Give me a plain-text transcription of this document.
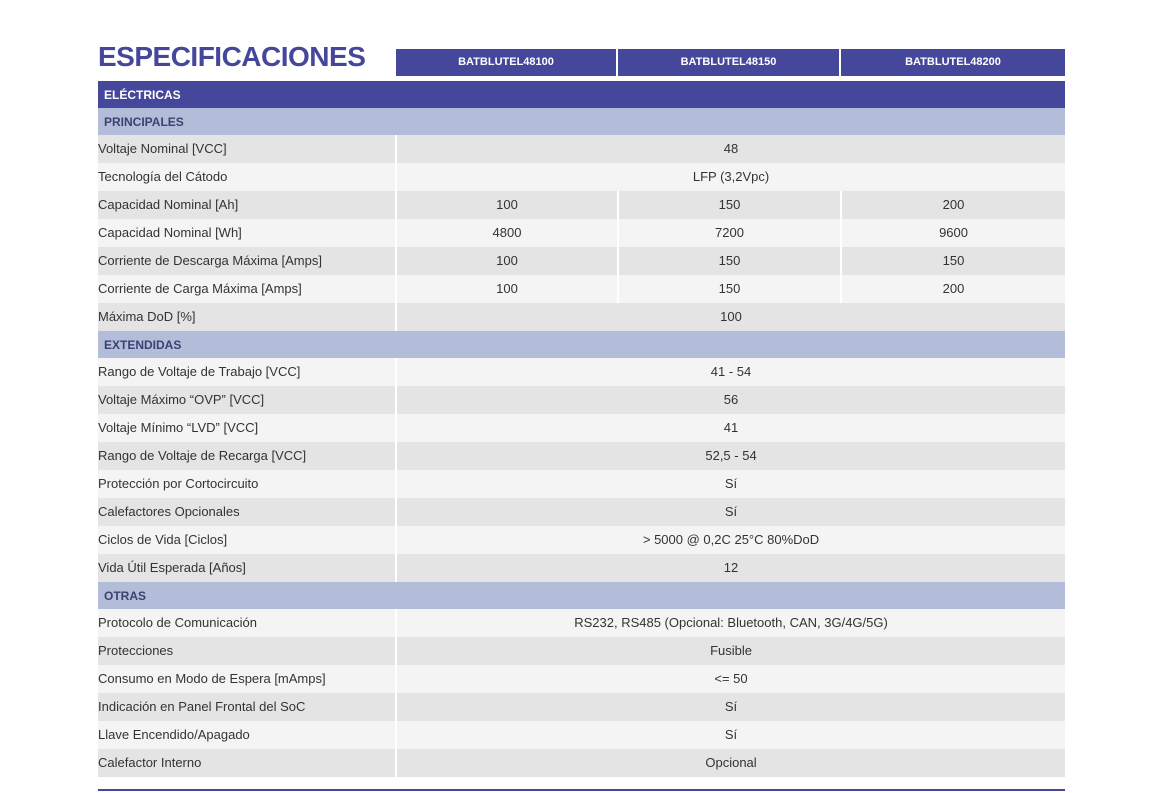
ESPECIFICACIONES	BATBLUTEL48100	BATBLUTEL48150	BATBLUTEL48200
ELÉCTRICAS			
PRINCIPALES			
Voltaje Nominal [VCC]	48		
Tecnología del Cátodo	LFP (3,2Vpc)		
Capacidad Nominal [Ah]	100	150	200
Capacidad Nominal [Wh]	4800	7200	9600
Corriente de Descarga Máxima [Amps]	100	150	150
Corriente de Carga Máxima [Amps]	100	150	200
Máxima DoD [%]	100		
EXTENDIDAS			
Rango de Voltaje de Trabajo [VCC]	41 - 54		
Voltaje Máximo “OVP” [VCC]	56		
Voltaje Mínimo “LVD” [VCC]	41		
Rango de Voltaje de Recarga [VCC]	52,5 - 54		
Protección por Cortocircuito	Sí		
Calefactores Opcionales	Sí		
Ciclos de Vida [Ciclos]	> 5000 @ 0,2C 25°C 80%DoD		
Vida Útil Esperada [Años]	12		
OTRAS			
Protocolo de Comunicación	RS232, RS485 (Opcional: Bluetooth, CAN, 3G/4G/5G)		
Protecciones	Fusible		
Consumo en Modo de Espera [mAmps]	<= 50		
Indicación en Panel Frontal del SoC	Sí		
Llave Encendido/Apagado	Sí		
Calefactor Interno	Opcional		
